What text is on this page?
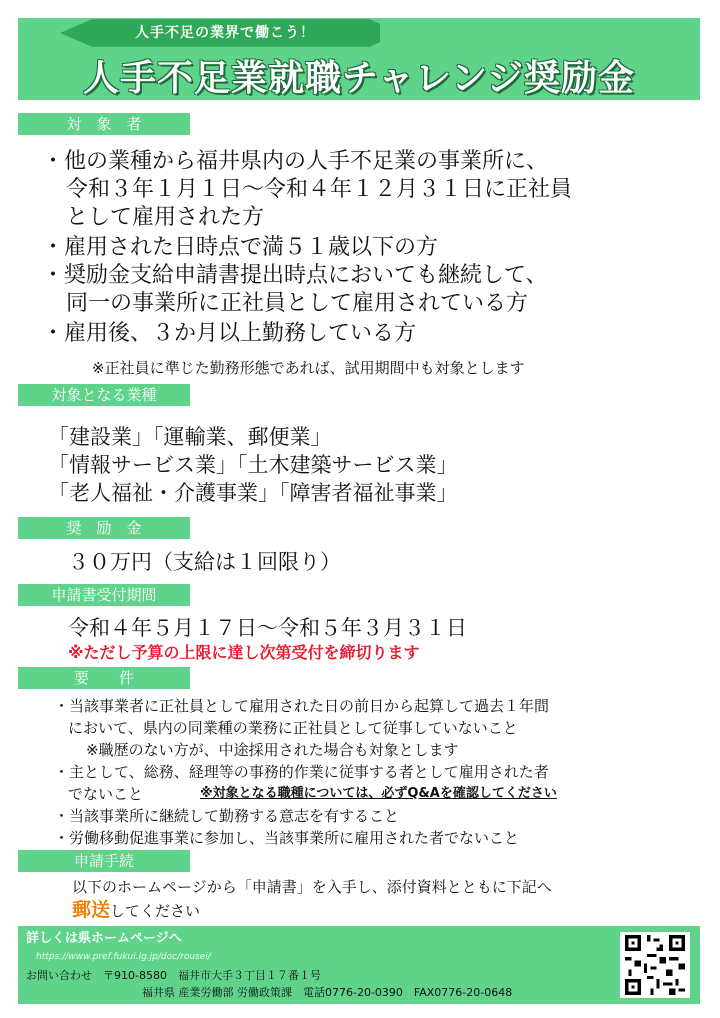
人手不足の業界で働こう！
人手不足業就職チャレンジ奨励金
対　象　者
・他の業種から福井県内の人手不足業の事業所に、
令和３年１月１日～令和４年１２月３１日に正社員
として雇用された方
・雇用された日時点で満５１歳以下の方
・奨励金支給申請書提出時点においても継続して、
同一の事業所に正社員として雇用されている方
・雇用後、３か月以上勤務している方
※正社員に準じた勤務形態であれば、試用期間中も対象とします
対象となる業種
「建設業」「運輸業、郵便業」
「情報サービス業」「土木建築サービス業」
「老人福祉・介護事業」「障害者福祉事業」
奨　励　金
３０万円（支給は１回限り）
申請書受付期間
令和４年５月１７日～令和５年３月３１日
※ただし予算の上限に達し次第受付を締切ります
要　　件
・当該事業者に正社員として雇用された日の前日から起算して過去１年間
において、県内の同業種の業務に正社員として従事していないこと
※職歴のない方が、中途採用された場合も対象とします
・主として、総務、経理等の事務的作業に従事する者として雇用された者
でないこと	※対象となる職種については、必ずQ&Aを確認してください
・当該事業所に継続して勤務する意志を有すること
・労働移動促進事業に参加し、当該事業所に雇用された者でないこと
申請手続
以下のホームページから「申請書」を入手し、添付資料とともに下記へ
郵送してください
詳しくは県ホームページへ
https://www.pref.fukui.lg.jp/doc/rousei/
お問い合わせ　〒910-8580　福井市大手３丁目１７番１号
福井県 産業労働部 労働政策課　電話0776-20-0390　FAX0776-20-0648
